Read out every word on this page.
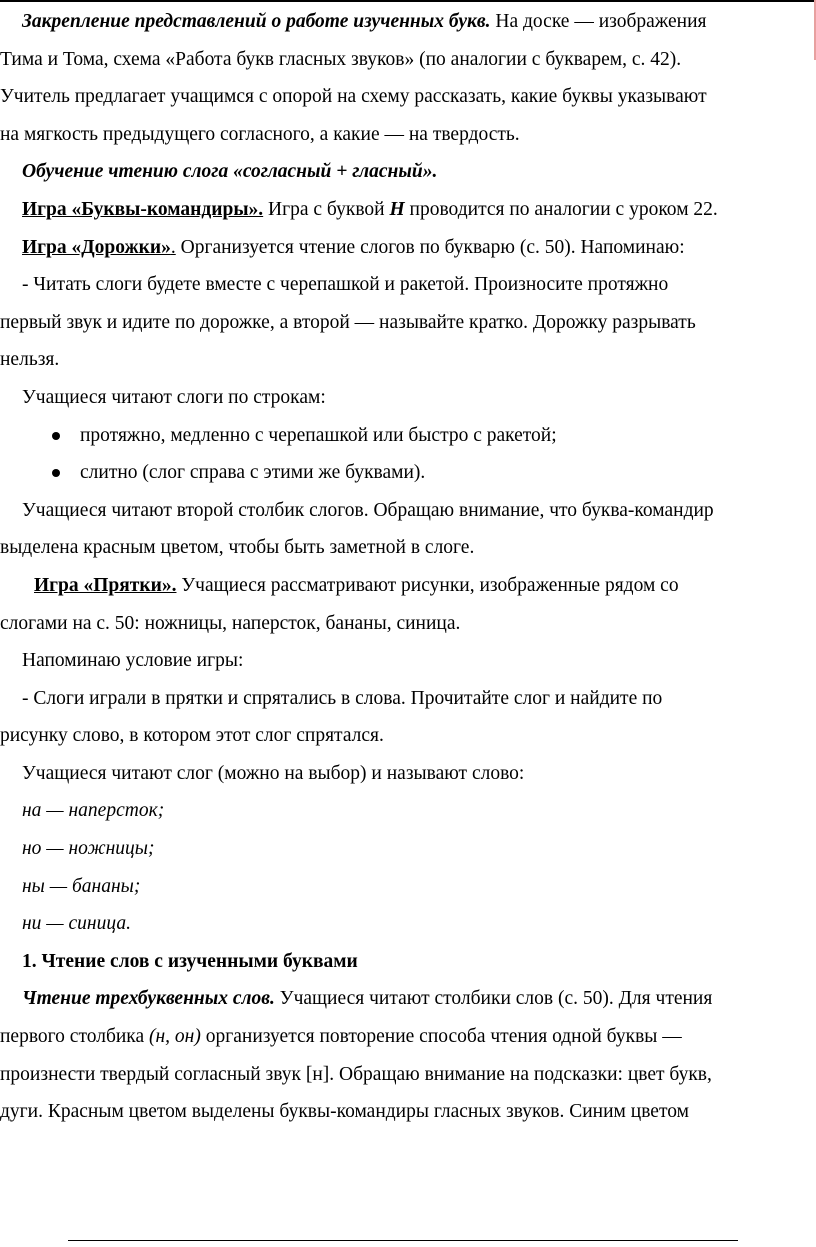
Закрепление представлений о работе изученных букв. На доске — изображения

Тима и Тома, схема «Работа букв гласных звуков» (по аналогии с букварем, с. 42).

Учитель предлагает учащимся с опорой на схему рассказать, какие буквы указывают

на мягкость предыдущего согласного, а какие — на твердость.

Обучение чтению слога «согласный + гласный».

Игра «Буквы-командиры». Игра с буквой Н проводится по аналогии с уроком 22.

Игра «Дорожки». Организуется чтение слогов по букварю (с. 50). Напоминаю:

- Читать слоги будете вместе с черепашкой и ракетой. Произносите протяжно

первый звук и идите по дорожке, а второй — называйте кратко. Дорожку разрывать

нельзя.

Учащиеся читают слоги по строкам:

протяжно, медленно с черепашкой или быстро с ракетой;

слитно (слог справа с этими же буквами).

Учащиеся читают второй столбик слогов. Обращаю внимание, что буква-командир

выделена красным цветом, чтобы быть заметной в слоге.

Игра «Прятки». Учащиеся рассматривают рисунки, изображенные рядом со

слогами на с. 50: ножницы, наперсток, бананы, синица.

Напоминаю условие игры:

- Слоги играли в прятки и спрятались в слова. Прочитайте слог и найдите по

рисунку слово, в котором этот слог спрятался.

Учащиеся читают слог (можно на выбор) и называют слово:

на — наперсток;

но — ножницы;

ны — бананы;

ни — синица.

1. Чтение слов с изученными буквами

Чтение трехбуквенных слов. Учащиеся читают столбики слов (с. 50). Для чтения

первого столбика (н, он) организуется повторение способа чтения одной буквы —

произнести твердый согласный звук [н]. Обращаю внимание на подсказки: цвет букв,

дуги. Красным цветом выделены буквы-командиры гласных звуков. Синим цветом
